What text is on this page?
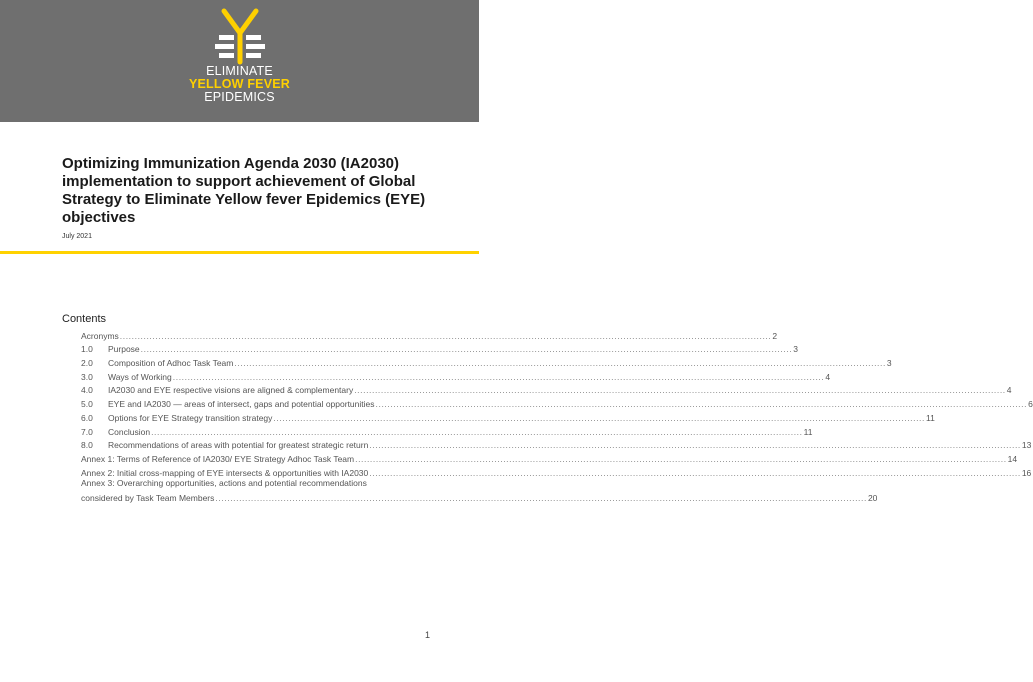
ELIMINATE
YELLOW FEVER
EPIDEMICS
Optimizing Immunization Agenda 2030 (IA2030) implementation to support achievement of Global Strategy to Eliminate Yellow fever Epidemics (EYE) objectives
July 2021
Contents
Acronyms ............................................................................................................................................................................................................................ 2
1.0	Purpose ............................................................................................................................................................................................................................ 3
2.0	Composition of Adhoc Task Team ............................................................................................................................................................................................................................ 3
3.0	Ways of Working ............................................................................................................................................................................................................................ 4
4.0	IA2030 and EYE respective visions are aligned & complementary ............................................................................................................................................................................................................................ 4
5.0	EYE and IA2030 — areas of intersect, gaps and potential opportunities ............................................................................................................................................................................................................................ 6
6.0	Options for EYE Strategy transition strategy ............................................................................................................................................................................................................................ 11
7.0	Conclusion ............................................................................................................................................................................................................................ 11
8.0	Recommendations of areas with potential for greatest strategic return ............................................................................................................................................................................................................................ 13
Annex 1: Terms of Reference of IA2030/ EYE Strategy Adhoc Task Team ............................................................................................................................................................................................................................ 14
Annex 2: Initial cross-mapping of EYE intersects & opportunities with IA2030 ............................................................................................................................................................................................................................ 16
Annex 3: Overarching opportunities, actions and potential recommendations
considered by Task Team Members ............................................................................................................................................................................................................................ 20
1
